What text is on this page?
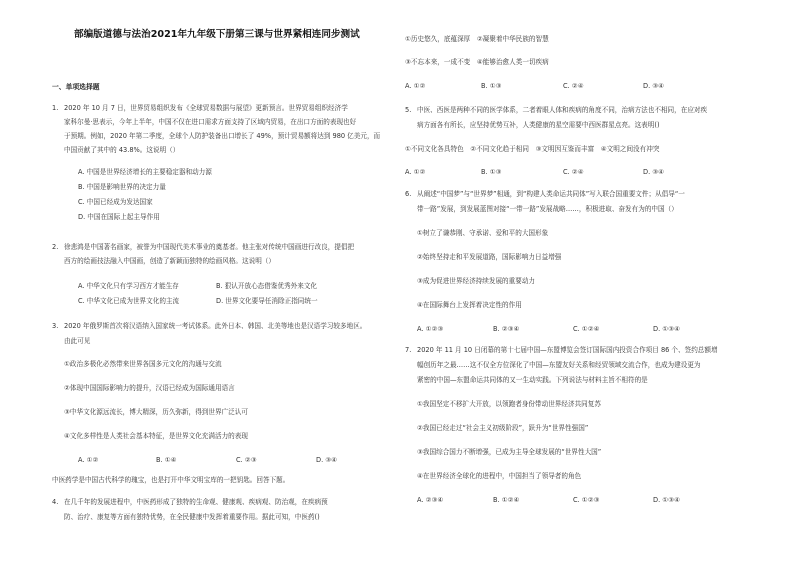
部编版道德与法治2021年九年级下册第三课与世界紧相连同步测试
一、单项选择题
1. 2020 年 10 月 7 日，世界贸易组织发布《全球贸易数据与展望》更新预言。世界贸易组织经济学
家科尔曼·思表示，今年上半年，中国不仅在进口需求方面支持了区域内贸易，在出口方面的表现也好
于预期。例如，2020 年第二季度，全球个人防护装备出口增长了 49%，预计贸易额将达到 980 亿美元，而
中国贡献了其中的 43.8%。这说明（）
A. 中国是世界经济增长的主要稳定器和动力源
B. 中国是影响世界的决定力量
C. 中国已经成为发达国家
D. 中国在国际上起主导作用
2. 徐悲鸿是中国著名画家，被誉为中国现代美术事业的奠基者。他主张对传统中国画进行改良，提倡把
西方的绘画技法融入中国画，创造了新颖而独特的绘画风格。这说明（）
A. 中华文化只有学习西方才能生存	B. 狠认开放心态借鉴优秀外来文化
C. 中华文化已成为世界文化的主流	D. 世界文化要导任消除正指同统一
3. 2020 年俄罗斯首次将汉语纳入国家统一考试体系。此外日本、韩国、北美等地也是汉语学习较多地区。
由此可见
①政治多极化必然带来世界各国多元文化的沟通与交流
②体现中国国际影响力的提升，汉语已经成为国际通用语言
③中华文化源远流长，博大精深，历久弥新，得到世界广泛认可
④文化多样性是人类社会基本特征，是世界文化充满活力的表现
A. ①②	B. ①④	C. ②③	D. ③④
中医药学是中国古代科学的瑰宝，也是打开中华文明宝库的一把钥匙。回答下题。
4. 在几千年的发展进程中，中医药形成了独特的生命观、健康观、疾病观、防治观，在疾病预
防、治疗、康复等方面有独特优势，在全民健康中发挥着重要作用。据此可知，中医药()
①历史悠久，底蕴深厚　②凝聚着中华民族的智慧
③不忘本来，一成不变　④能够治愈人类一切疾病
A. ①②	B. ①③	C. ②④	D. ③④
5. 中医、西医是两种不同的医学体系，二者着眼人体和疾病的角度不同，治病方法也不相同，在应对疾
病方面各有所长，应坚持优势互补，人类健康的星空需要中西医群星点亮。这表明()
①不同文化各具特色　②不同文化趋于相同　③文明因互鉴而丰富　④文明之间没有冲突
A. ①②	B. ①③	C. ②④	D. ③④
6. 从阐述“中国梦”与“世界梦”相通，到“构建人类命运共同体”写入联合国重要文件；从倡导“一
带一路”发展，到发展蓝图对接“一带一路”发展战略……，积极进取、奋发有为的中国（）
①树立了谦恭刚、守承诺、爱和平的大国形象
②始终坚持走和平发展道路，国际影响力日益增强
③成为促进世界经济持续发展的重要动力
④在国际舞台上发挥着决定性的作用
A. ①②③	B. ②③④	C. ①②④	D. ①③④
7. 2020 年 11 月 10 日闭幕的第十七届中国—东盟博览会签订国际国内投资合作项目 86 个、签约总额增
幅创历年之最……这不仅全方位深化了中国—东盟友好关系和经贸领域交流合作，也成为建设更为
紧密的中国—东盟命运共同体的又一生动实践。下列说法与材料主旨不相符的是
①我国坚定不移扩大开放，以领跑者身份带动世界经济共同复苏
②我国已经走过“社会主义初级阶段”，跃升为“世界性强国”
③我国综合国力不断增强，已成为主导全球发展的“世界性大国”
④在世界经济全球化的进程中，中国担当了领导者的角色
A. ②③④	B. ①②④	C. ①②③	D. ①③④
